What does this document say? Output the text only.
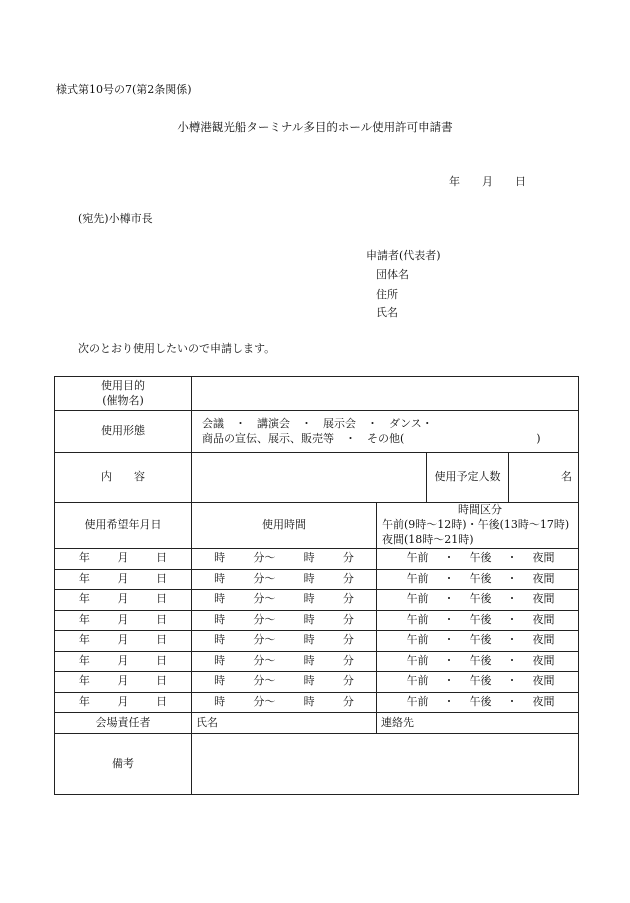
様式第10号の7(第2条関係)
小樽港観光船ターミナル多目的ホール使用許可申請書
年 月 日
(宛先)小樽市長
申請者(代表者)
団体名
住所
氏名
次のとおり使用したいので申請します。
使用目的
(催物名)				

使用形態	会議　・　講演会　・　展示会　・　ダンス・
商品の宣伝、展示、販売等　・　その他(　　　　　　　　　　　　)			

内　　容			使用予定人数	名
使用希望年月日	使用時間	時間区分
午前(9時～12時)・午後(13時～17時)
夜間(18時～21時)		

年 月 日	時 分～ 時 分	午前 ・ 午後 ・ 夜間		

年 月 日	時 分～ 時 分	午前 ・ 午後 ・ 夜間		

年 月 日	時 分～ 時 分	午前 ・ 午後 ・ 夜間		

年 月 日	時 分～ 時 分	午前 ・ 午後 ・ 夜間		

年 月 日	時 分～ 時 分	午前 ・ 午後 ・ 夜間		

年 月 日	時 分～ 時 分	午前 ・ 午後 ・ 夜間		

年 月 日	時 分～ 時 分	午前 ・ 午後 ・ 夜間		

年 月 日	時 分～ 時 分	午前 ・ 午後 ・ 夜間		

会場責任者	氏名	連絡先		
備考				
